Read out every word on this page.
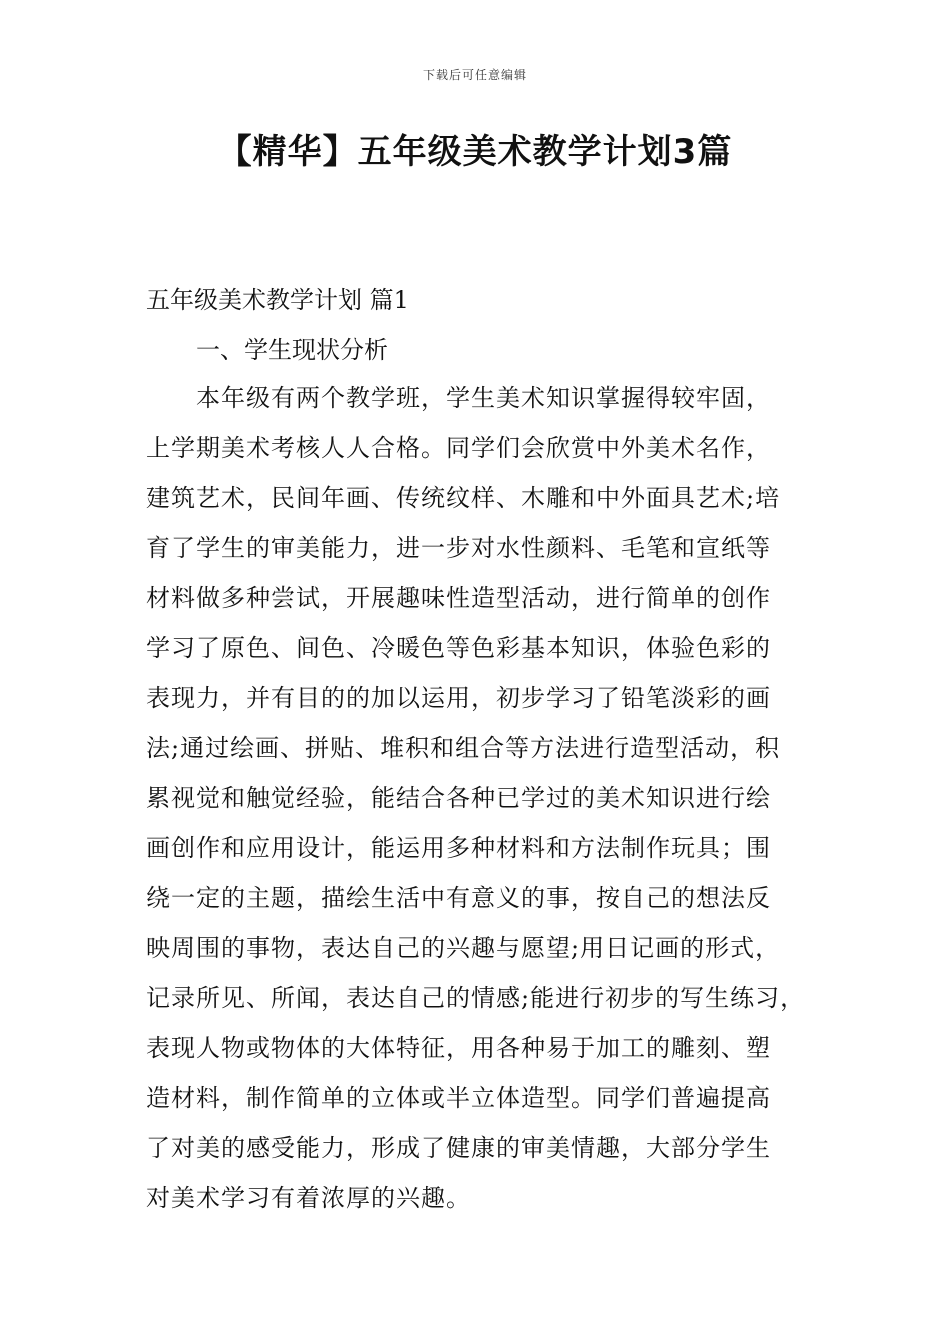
下载后可任意编辑
【精华】五年级美术教学计划3篇
五年级美术教学计划 篇1
一、学生现状分析
本年级有两个教学班，学生美术知识掌握得较牢固，
上学期美术考核人人合格。同学们会欣赏中外美术名作，
建筑艺术，民间年画、传统纹样、木雕和中外面具艺术;培
育了学生的审美能力，进一步对水性颜料、毛笔和宣纸等
材料做多种尝试，开展趣味性造型活动，进行简单的创作
学习了原色、间色、冷暖色等色彩基本知识，体验色彩的
表现力，并有目的的加以运用，初步学习了铅笔淡彩的画
法;通过绘画、拼贴、堆积和组合等方法进行造型活动，积
累视觉和触觉经验，能结合各种已学过的美术知识进行绘
画创作和应用设计，能运用多种材料和方法制作玩具；围
绕一定的主题，描绘生活中有意义的事，按自己的想法反
映周围的事物，表达自己的兴趣与愿望;用日记画的形式，
记录所见、所闻，表达自己的情感;能进行初步的写生练习，
表现人物或物体的大体特征，用各种易于加工的雕刻、塑
造材料，制作简单的立体或半立体造型。同学们普遍提高
了对美的感受能力，形成了健康的审美情趣，大部分学生
对美术学习有着浓厚的兴趣。
